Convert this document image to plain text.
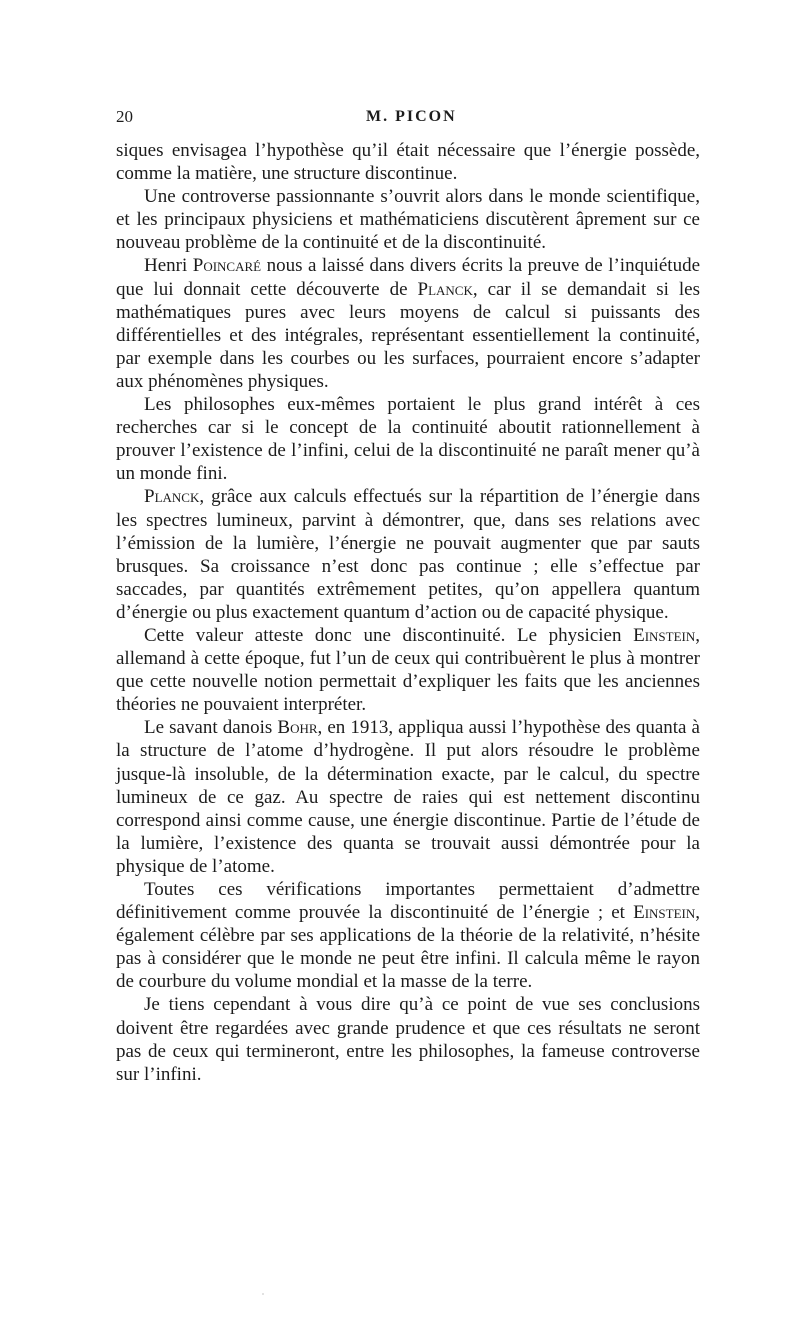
20	M. PICON

siques envisagea l’hypothèse qu’il était nécessaire que l’énergie possède, comme la matière, une structure discontinue.

Une controverse passionnante s’ouvrit alors dans le monde scientifique, et les principaux physiciens et mathématiciens discutèrent âprement sur ce nouveau problème de la continuité et de la discontinuité.

Henri Poincaré nous a laissé dans divers écrits la preuve de l’inquiétude que lui donnait cette découverte de Planck, car il se demandait si les mathématiques pures avec leurs moyens de calcul si puissants des différentielles et des intégrales, représentant essentiellement la continuité, par exemple dans les courbes ou les surfaces, pourraient encore s’adapter aux phénomènes physiques.

Les philosophes eux-mêmes portaient le plus grand intérêt à ces recherches car si le concept de la continuité aboutit rationnellement à prouver l’existence de l’infini, celui de la discontinuité ne paraît mener qu’à un monde fini.

Planck, grâce aux calculs effectués sur la répartition de l’énergie dans les spectres lumineux, parvint à démontrer, que, dans ses relations avec l’émission de la lumière, l’énergie ne pouvait augmenter que par sauts brusques. Sa croissance n’est donc pas continue ; elle s’effectue par saccades, par quantités extrêmement petites, qu’on appellera quantum d’énergie ou plus exactement quantum d’action ou de capacité physique.

Cette valeur atteste donc une discontinuité. Le physicien Einstein, allemand à cette époque, fut l’un de ceux qui contribuèrent le plus à montrer que cette nouvelle notion permettait d’expliquer les faits que les anciennes théories ne pouvaient interpréter.

Le savant danois Bohr, en 1913, appliqua aussi l’hypothèse des quanta à la structure de l’atome d’hydrogène. Il put alors résoudre le problème jusque-là insoluble, de la détermination exacte, par le calcul, du spectre lumineux de ce gaz. Au spectre de raies qui est nettement discontinu correspond ainsi comme cause, une énergie discontinue. Partie de l’étude de la lumière, l’existence des quanta se trouvait aussi démontrée pour la physique de l’atome.

Toutes ces vérifications importantes permettaient d’admettre définitivement comme prouvée la discontinuité de l’énergie ; et Einstein, également célèbre par ses applications de la théorie de la relativité, n’hésite pas à considérer que le monde ne peut être infini. Il calcula même le rayon de courbure du volume mondial et la masse de la terre.

Je tiens cependant à vous dire qu’à ce point de vue ses conclusions doivent être regardées avec grande prudence et que ces résultats ne seront pas de ceux qui termineront, entre les philosophes, la fameuse controverse sur l’infini.
